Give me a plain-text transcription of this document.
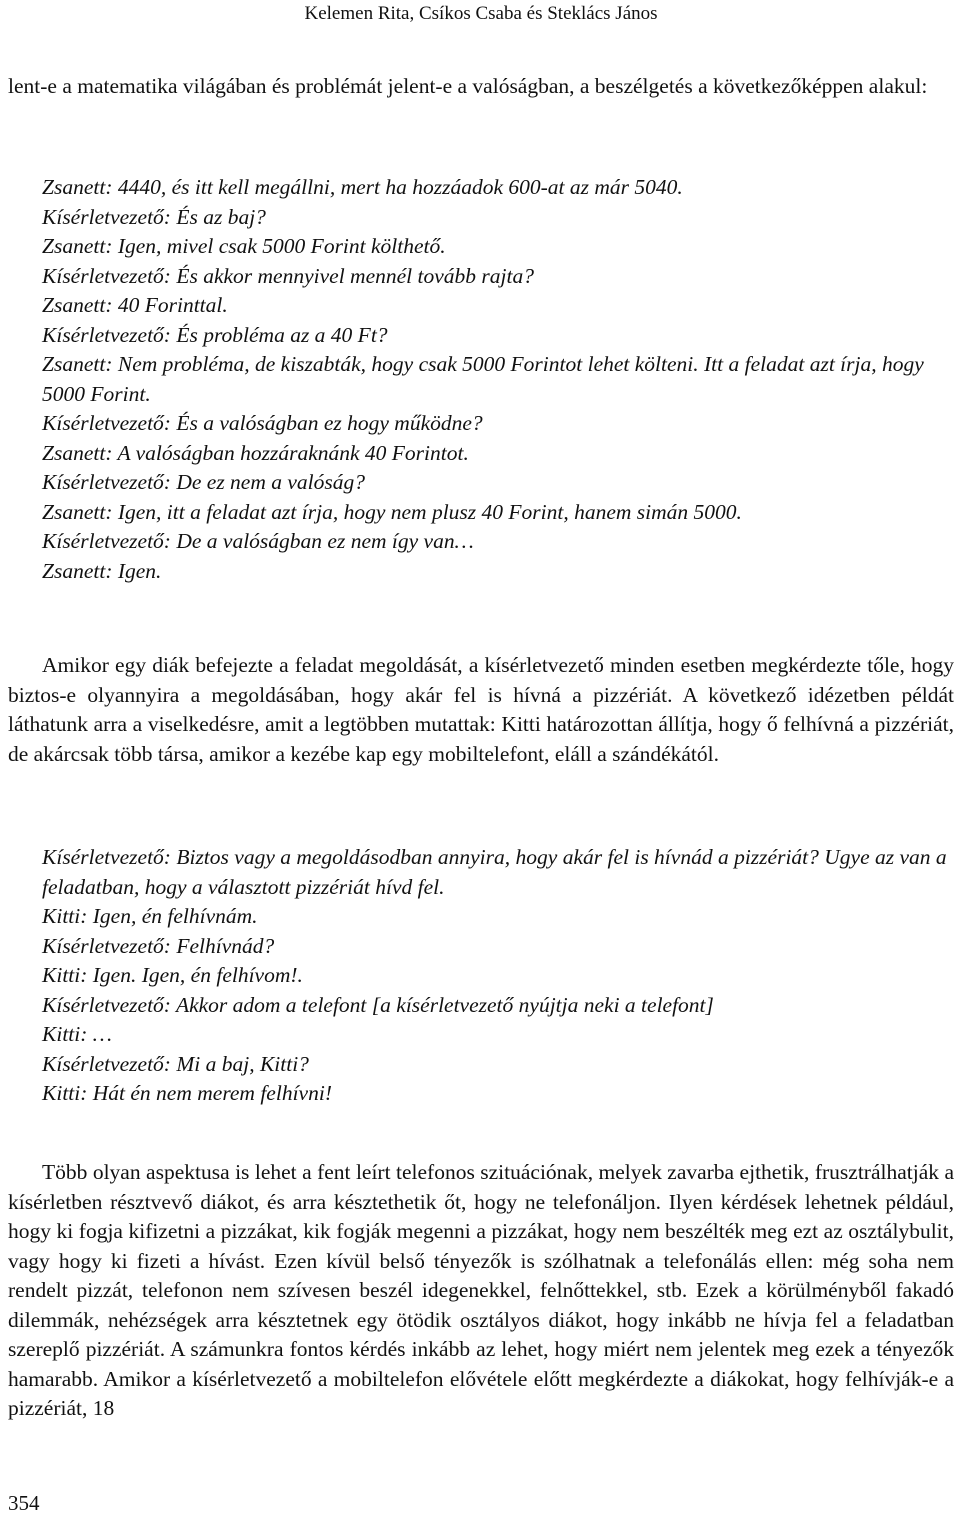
Kelemen Rita, Csíkos Csaba és Steklács János

lent-e a matematika világában és problémát jelent-e a valóságban, a beszélgetés a következőképpen alakul:

Zsanett: 4440, és itt kell megállni, mert ha hozzáadok 600-at az már 5040.
Kísérletvezető: És az baj?
Zsanett: Igen, mivel csak 5000 Forint költhető.
Kísérletvezető: És akkor mennyivel mennél tovább rajta?
Zsanett: 40 Forinttal.
Kísérletvezető: És probléma az a 40 Ft?
Zsanett: Nem probléma, de kiszabták, hogy csak 5000 Forintot lehet költeni. Itt a feladat azt írja, hogy 5000 Forint.
Kísérletvezető: És a valóságban ez hogy működne?
Zsanett: A valóságban hozzáraknánk 40 Forintot.
Kísérletvezető: De ez nem a valóság?
Zsanett: Igen, itt a feladat azt írja, hogy nem plusz 40 Forint, hanem simán 5000.
Kísérletvezető: De a valóságban ez nem így van…
Zsanett: Igen.

Amikor egy diák befejezte a feladat megoldását, a kísérletvezető minden esetben megkérdezte tőle, hogy biztos-e olyannyira a megoldásában, hogy akár fel is hívná a pizzériát. A következő idézetben példát láthatunk arra a viselkedésre, amit a legtöbben mutattak: Kitti határozottan állítja, hogy ő felhívná a pizzériát, de akárcsak több társa, amikor a kezébe kap egy mobiltelefont, eláll a szándékától.

Kísérletvezető: Biztos vagy a megoldásodban annyira, hogy akár fel is hívnád a pizzériát? Ugye az van a feladatban, hogy a választott pizzériát hívd fel.
Kitti: Igen, én felhívnám.
Kísérletvezető: Felhívnád?
Kitti: Igen. Igen, én felhívom!.
Kísérletvezető: Akkor adom a telefont [a kísérletvezető nyújtja neki a telefont]
Kitti: …
Kísérletvezető: Mi a baj, Kitti?
Kitti: Hát én nem merem felhívni!

Több olyan aspektusa is lehet a fent leírt telefonos szituációnak, melyek zavarba ejthetik, frusztrálhatják a kísérletben résztvevő diákot, és arra késztethetik őt, hogy ne telefonáljon. Ilyen kérdések lehetnek például, hogy ki fogja kifizetni a pizzákat, kik fogják megenni a pizzákat, hogy nem beszélték meg ezt az osztálybulit, vagy hogy ki fizeti a hívást. Ezen kívül belső tényezők is szólhatnak a telefonálás ellen: még soha nem rendelt pizzát, telefonon nem szívesen beszél idegenekkel, felnőttekkel, stb. Ezek a körülményből fakadó dilemmák, nehézségek arra késztetnek egy ötödik osztályos diákot, hogy inkább ne hívja fel a feladatban szereplő pizzériát. A számunkra fontos kérdés inkább az lehet, hogy miért nem jelentek meg ezek a tényezők hamarabb. Amikor a kísérletvezető a mobiltelefon elővétele előtt megkérdezte a diákokat, hogy felhívják-e a pizzériát, 18

354
